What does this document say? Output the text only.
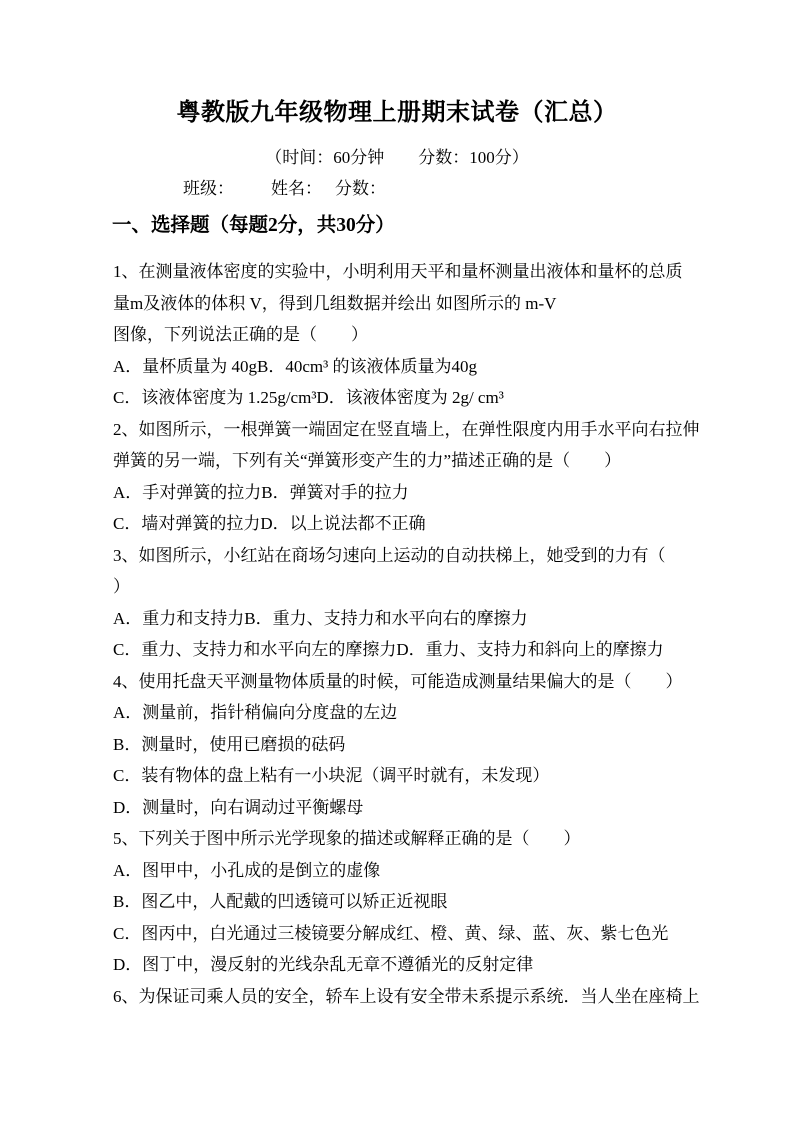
粤教版九年级物理上册期末试卷（汇总）

（时间：60分钟　　分数：100分）

班级： 姓名： 分数：

一、选择题（每题2分，共30分）

1、在测量液体密度的实验中，小明利用天平和量杯测量出液体和量杯的总质

量m及液体的体积 V，得到几组数据并绘出 如图所示的 m-V

图像，下列说法正确的是（　　）

A．量杯质量为 40gB．40cm³ 的该液体质量为40g

C．该液体密度为 1.25g/cm³D．该液体密度为 2g/ cm³

2、如图所示，一根弹簧一端固定在竖直墙上，在弹性限度内用手水平向右拉伸

弹簧的另一端，下列有关“弹簧形变产生的力”描述正确的是（　　）

A．手对弹簧的拉力B．弹簧对手的拉力

C．墙对弹簧的拉力D．以上说法都不正确

3、如图所示，小红站在商场匀速向上运动的自动扶梯上，她受到的力有（

）

A．重力和支持力B．重力、支持力和水平向右的摩擦力

C．重力、支持力和水平向左的摩擦力D．重力、支持力和斜向上的摩擦力

4、使用托盘天平测量物体质量的时候，可能造成测量结果偏大的是（　　）

A．测量前，指针稍偏向分度盘的左边

B．测量时，使用已磨损的砝码

C．装有物体的盘上粘有一小块泥（调平时就有，未发现）

D．测量时，向右调动过平衡螺母

5、下列关于图中所示光学现象的描述或解释正确的是（　　）

A．图甲中，小孔成的是倒立的虚像

B．图乙中，人配戴的凹透镜可以矫正近视眼

C．图丙中，白光通过三棱镜要分解成红、橙、黄、绿、蓝、灰、紫七色光

D．图丁中，漫反射的光线杂乱无章不遵循光的反射定律

6、为保证司乘人员的安全，轿车上设有安全带未系提示系统．当人坐在座椅上
